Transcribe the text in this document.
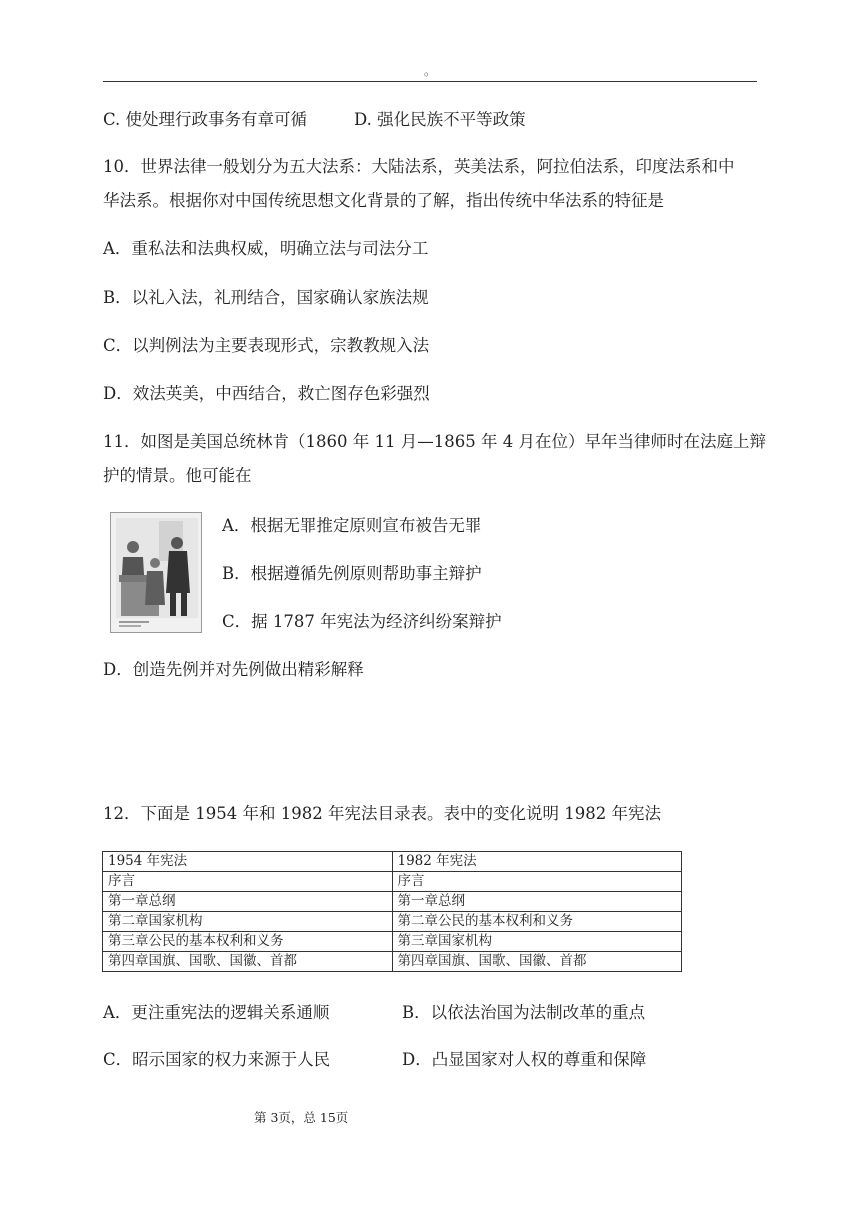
。
C. 使处理行政事务有章可循	D. 强化民族不平等政策
10．世界法律一般划分为五大法系：大陆法系，英美法系，阿拉伯法系，印度法系和中
华法系。根据你对中国传统思想文化背景的了解，指出传统中华法系的特征是
A．重私法和法典权威，明确立法与司法分工
B．以礼入法，礼刑结合，国家确认家族法规
C．以判例法为主要表现形式，宗教教规入法
D．效法英美，中西结合，救亡图存色彩强烈
11．如图是美国总统林肯（1860 年 11 月—1865 年 4 月在位）早年当律师时在法庭上辩
护的情景。他可能在
A．根据无罪推定原则宣布被告无罪
B．根据遵循先例原则帮助事主辩护
C．据 1787 年宪法为经济纠纷案辩护
D．创造先例并对先例做出精彩解释
12．下面是 1954 年和 1982 年宪法目录表。表中的变化说明 1982 年宪法
1954 年宪法	1982 年宪法
序言	序言
第一章总纲	第一章总纲
第二章国家机构	第二章公民的基本权利和义务
第三章公民的基本权利和义务	第三章国家机构
第四章国旗、国歌、国徽、首都	第四章国旗、国歌、国徽、首都
A．更注重宪法的逻辑关系通顺	B．以依法治国为法制改革的重点
C．昭示国家的权力来源于人民	D．凸显国家对人权的尊重和保障
第 3页，总 15页
